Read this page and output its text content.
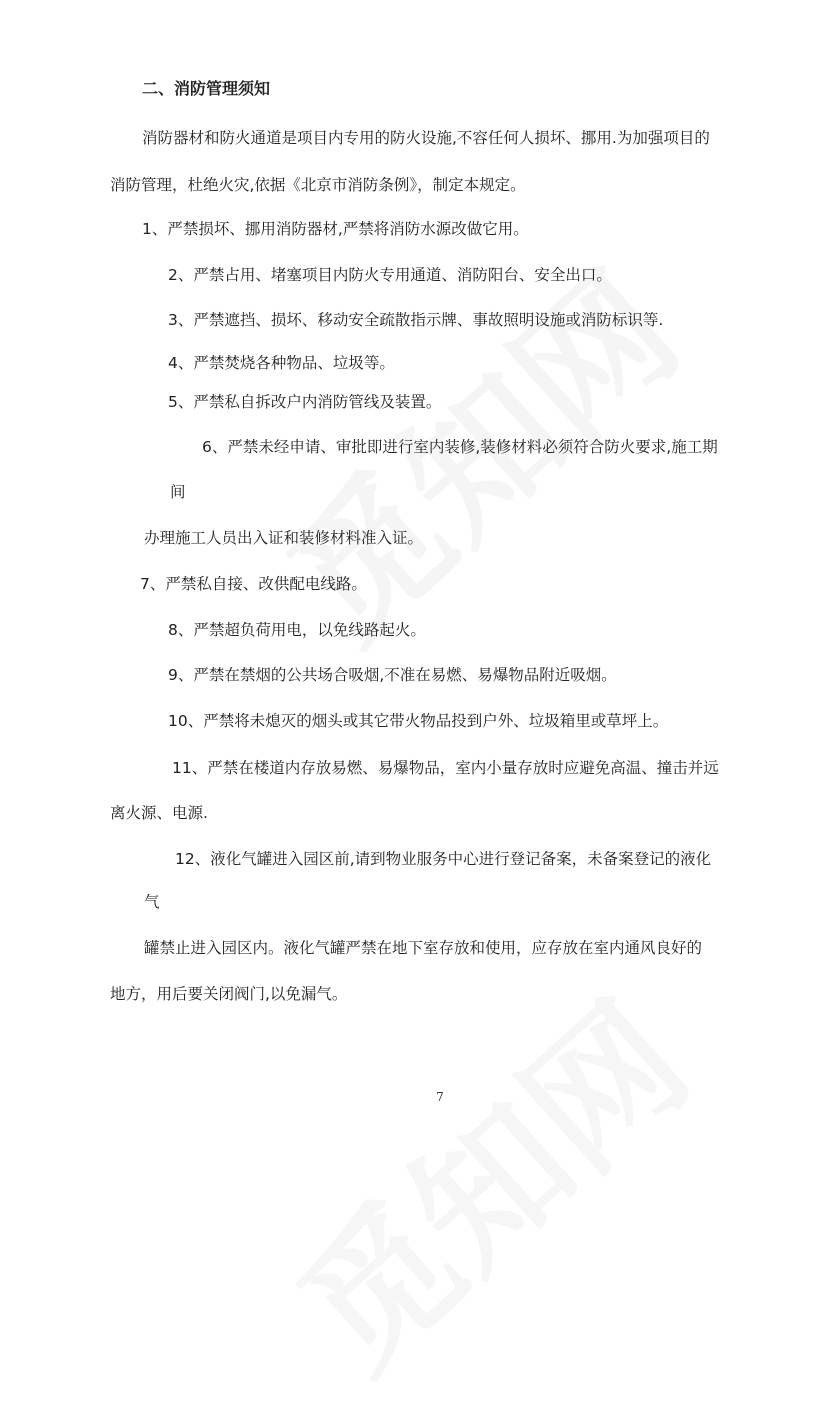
二、消防管理须知

消防器材和防火通道是项目内专用的防火设施,不容任何人损坏、挪用.为加强项目的

消防管理，杜绝火灾,依据《北京市消防条例》，制定本规定。

1、严禁损坏、挪用消防器材,严禁将消防水源改做它用。

2、严禁占用、堵塞项目内防火专用通道、消防阳台、安全出口。

3、严禁遮挡、损坏、移动安全疏散指示牌、事故照明设施或消防标识等.

4、严禁焚烧各种物品、垃圾等。

5、严禁私自拆改户内消防管线及装置。

6、严禁未经申请、审批即进行室内装修,装修材料必须符合防火要求,施工期

间

办理施工人员出入证和装修材料准入证。

7、严禁私自接、改供配电线路。

8、严禁超负荷用电，以免线路起火。

9、严禁在禁烟的公共场合吸烟,不准在易燃、易爆物品附近吸烟。

10、严禁将未熄灭的烟头或其它带火物品投到户外、垃圾箱里或草坪上。

11、严禁在楼道内存放易燃、易爆物品，室内小量存放时应避免高温、撞击并远

离火源、电源.

12、液化气罐进入园区前,请到物业服务中心进行登记备案，未备案登记的液化

气

罐禁止进入园区内。液化气罐严禁在地下室存放和使用，应存放在室内通风良好的

地方，用后要关闭阀门,以免漏气。

7
